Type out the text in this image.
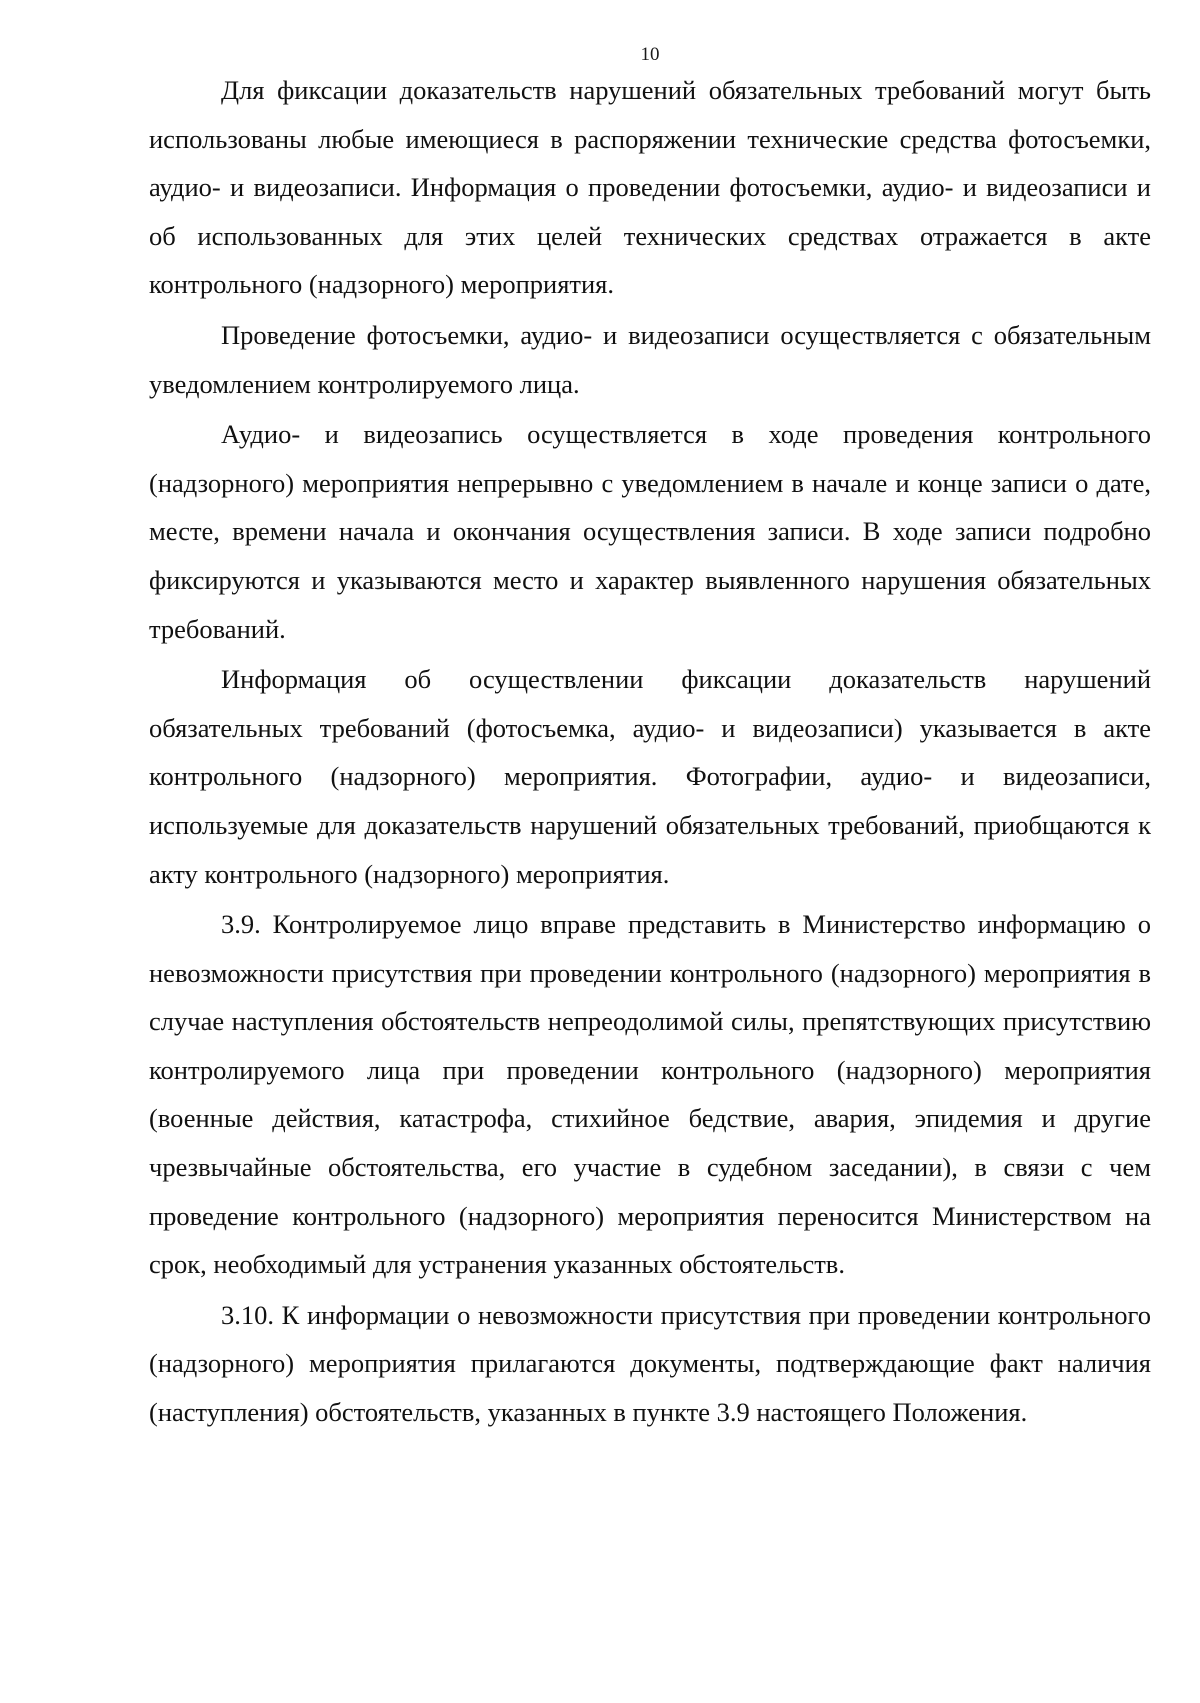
10

Для фиксации доказательств нарушений обязательных требований могут быть использованы любые имеющиеся в распоряжении технические средства фотосъемки, аудио- и видеозаписи. Информация о проведении фотосъемки, аудио- и видеозаписи и об использованных для этих целей технических средствах отражается в акте контрольного (надзорного) мероприятия.

Проведение фотосъемки, аудио- и видеозаписи осуществляется с обязательным уведомлением контролируемого лица.

Аудио- и видеозапись осуществляется в ходе проведения контрольного (надзорного) мероприятия непрерывно с уведомлением в начале и конце записи о дате, месте, времени начала и окончания осуществления записи. В ходе записи подробно фиксируются и указываются место и характер выявленного нарушения обязательных требований.

Информация об осуществлении фиксации доказательств нарушений обязательных требований (фотосъемка, аудио- и видеозаписи) указывается в акте контрольного (надзорного) мероприятия. Фотографии, аудио- и видеозаписи, используемые для доказательств нарушений обязательных требований, приобщаются к акту контрольного (надзорного) мероприятия.

3.9. Контролируемое лицо вправе представить в Министерство информацию о невозможности присутствия при проведении контрольного (надзорного) мероприятия в случае наступления обстоятельств непреодолимой силы, препятствующих присутствию контролируемого лица при проведении контрольного (надзорного) мероприятия (военные действия, катастрофа, стихийное бедствие, авария, эпидемия и другие чрезвычайные обстоятельства, его участие в судебном заседании), в связи с чем проведение контрольного (надзорного) мероприятия переносится Министерством на срок, необходимый для устранения указанных обстоятельств.

3.10. К информации о невозможности присутствия при проведении контрольного (надзорного) мероприятия прилагаются документы, подтверждающие факт наличия (наступления) обстоятельств, указанных в пункте 3.9 настоящего Положения.
